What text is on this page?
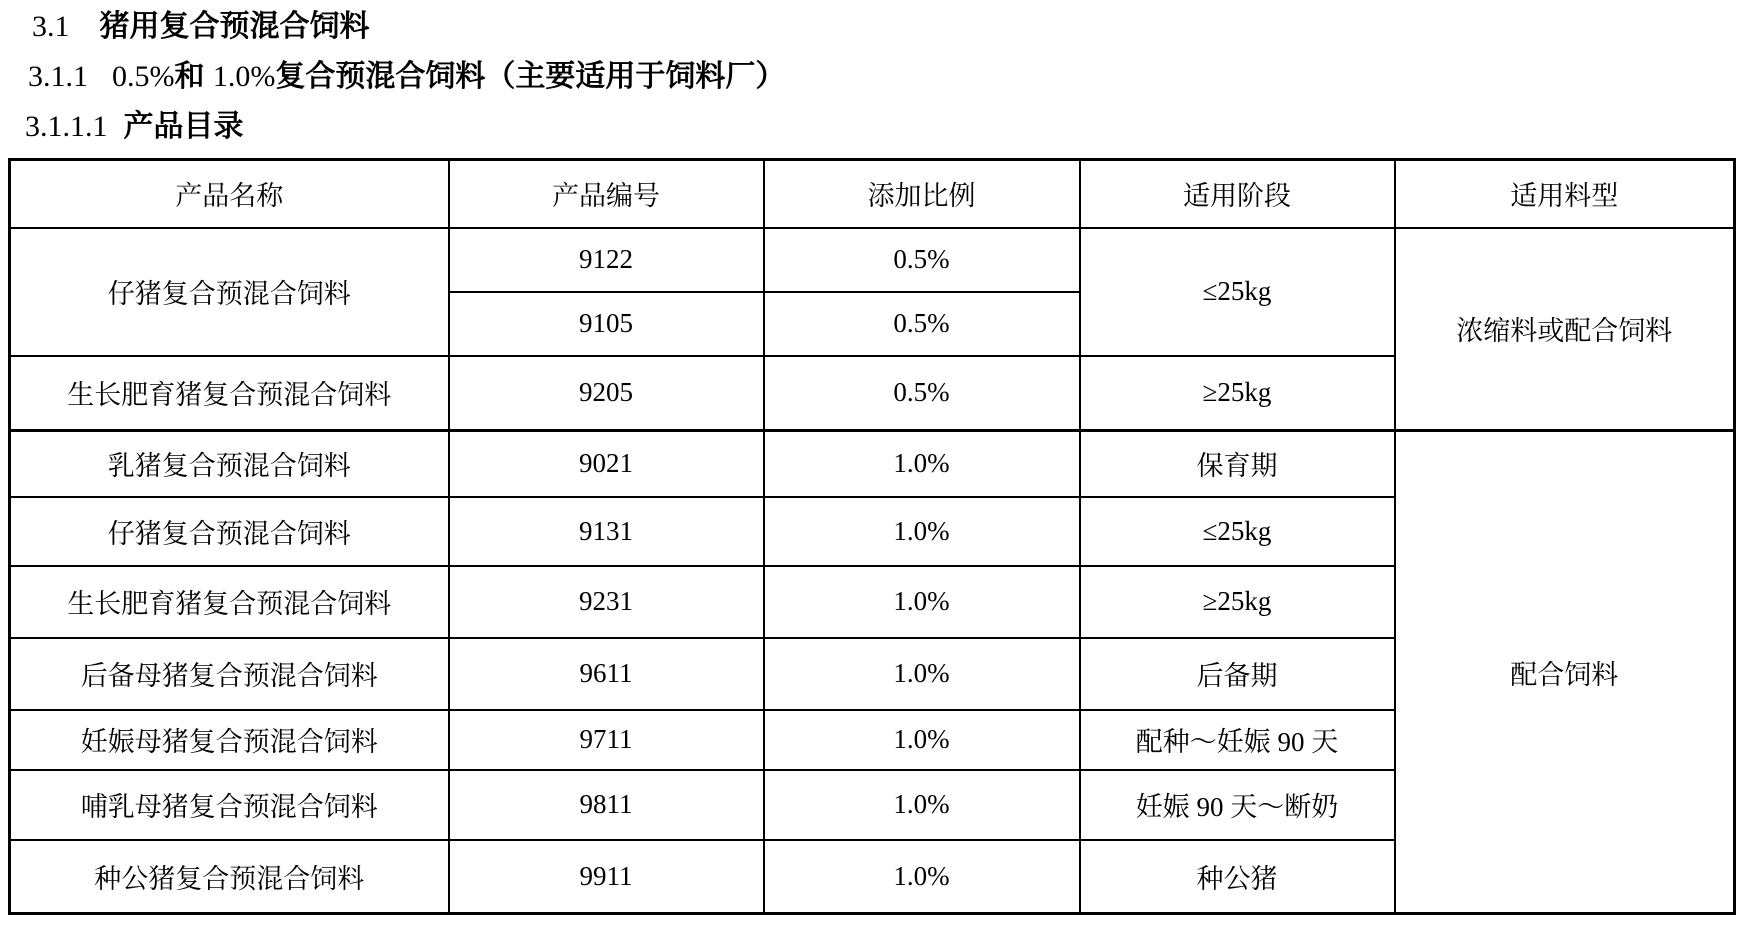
3.1 猪用复合预混合饲料
3.1.1 0.5%和 1.0%复合预混合饲料（主要适用于饲料厂）
3.1.1.1 产品目录
产品名称	产品编号	添加比例	适用阶段	适用料型
仔猪复合预混合饲料	9122	0.5%	≤25kg	浓缩料或配合饲料
	9105	0.5%		
生长肥育猪复合预混合饲料	9205	0.5%	≥25kg	
乳猪复合预混合饲料	9021	1.0%	保育期	配合饲料
仔猪复合预混合饲料	9131	1.0%	≤25kg	
生长肥育猪复合预混合饲料	9231	1.0%	≥25kg	
后备母猪复合预混合饲料	9611	1.0%	后备期	
妊娠母猪复合预混合饲料	9711	1.0%	配种～妊娠 90 天	
哺乳母猪复合预混合饲料	9811	1.0%	妊娠 90 天～断奶	
种公猪复合预混合饲料	9911	1.0%	种公猪	
